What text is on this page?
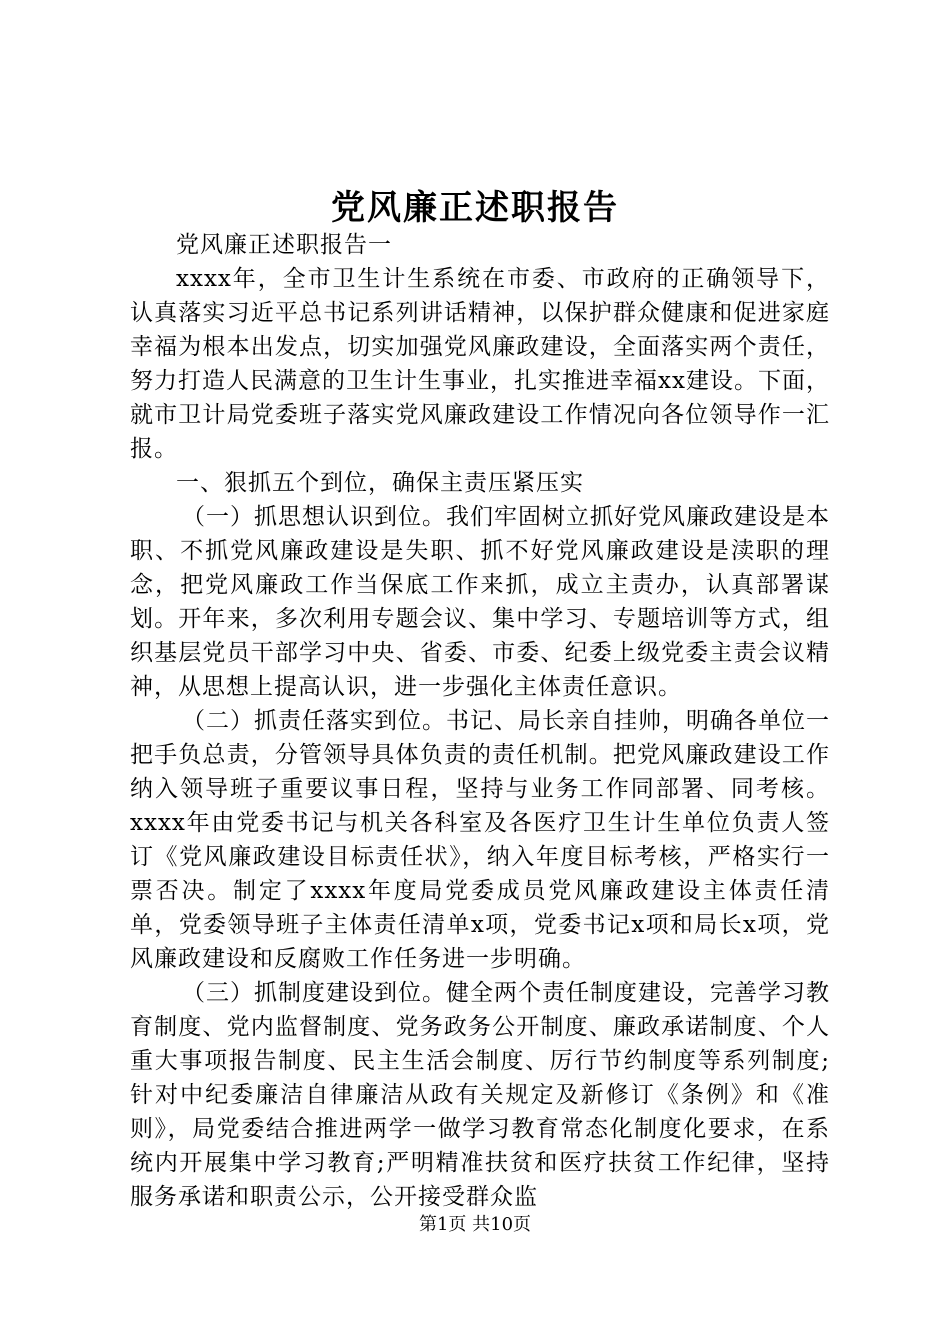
党风廉正述职报告

党风廉正述职报告一

xxxx年，全市卫生计生系统在市委、市政府的正确领导下，认真落实习近平总书记系列讲话精神，以保护群众健康和促进家庭幸福为根本出发点，切实加强党风廉政建设，全面落实两个责任，努力打造人民满意的卫生计生事业，扎实推进幸福xx建设。下面，就市卫计局党委班子落实党风廉政建设工作情况向各位领导作一汇报。

一、狠抓五个到位，确保主责压紧压实

（一）抓思想认识到位。我们牢固树立抓好党风廉政建设是本职、不抓党风廉政建设是失职、抓不好党风廉政建设是渎职的理念，把党风廉政工作当保底工作来抓，成立主责办，认真部署谋划。开年来，多次利用专题会议、集中学习、专题培训等方式，组织基层党员干部学习中央、省委、市委、纪委上级党委主责会议精神，从思想上提高认识，进一步强化主体责任意识。

（二）抓责任落实到位。书记、局长亲自挂帅，明确各单位一把手负总责，分管领导具体负责的责任机制。把党风廉政建设工作纳入领导班子重要议事日程，坚持与业务工作同部署、同考核。xxxx年由党委书记与机关各科室及各医疗卫生计生单位负责人签订《党风廉政建设目标责任状》，纳入年度目标考核，严格实行一票否决。制定了xxxx年度局党委成员党风廉政建设主体责任清单，党委领导班子主体责任清单x项，党委书记x项和局长x项，党风廉政建设和反腐败工作任务进一步明确。

（三）抓制度建设到位。健全两个责任制度建设，完善学习教育制度、党内监督制度、党务政务公开制度、廉政承诺制度、个人重大事项报告制度、民主生活会制度、厉行节约制度等系列制度;针对中纪委廉洁自律廉洁从政有关规定及新修订《条例》和《准则》，局党委结合推进两学一做学习教育常态化制度化要求，在系统内开展集中学习教育;严明精准扶贫和医疗扶贫工作纪律，坚持服务承诺和职责公示，公开接受群众监

第1页 共10页
